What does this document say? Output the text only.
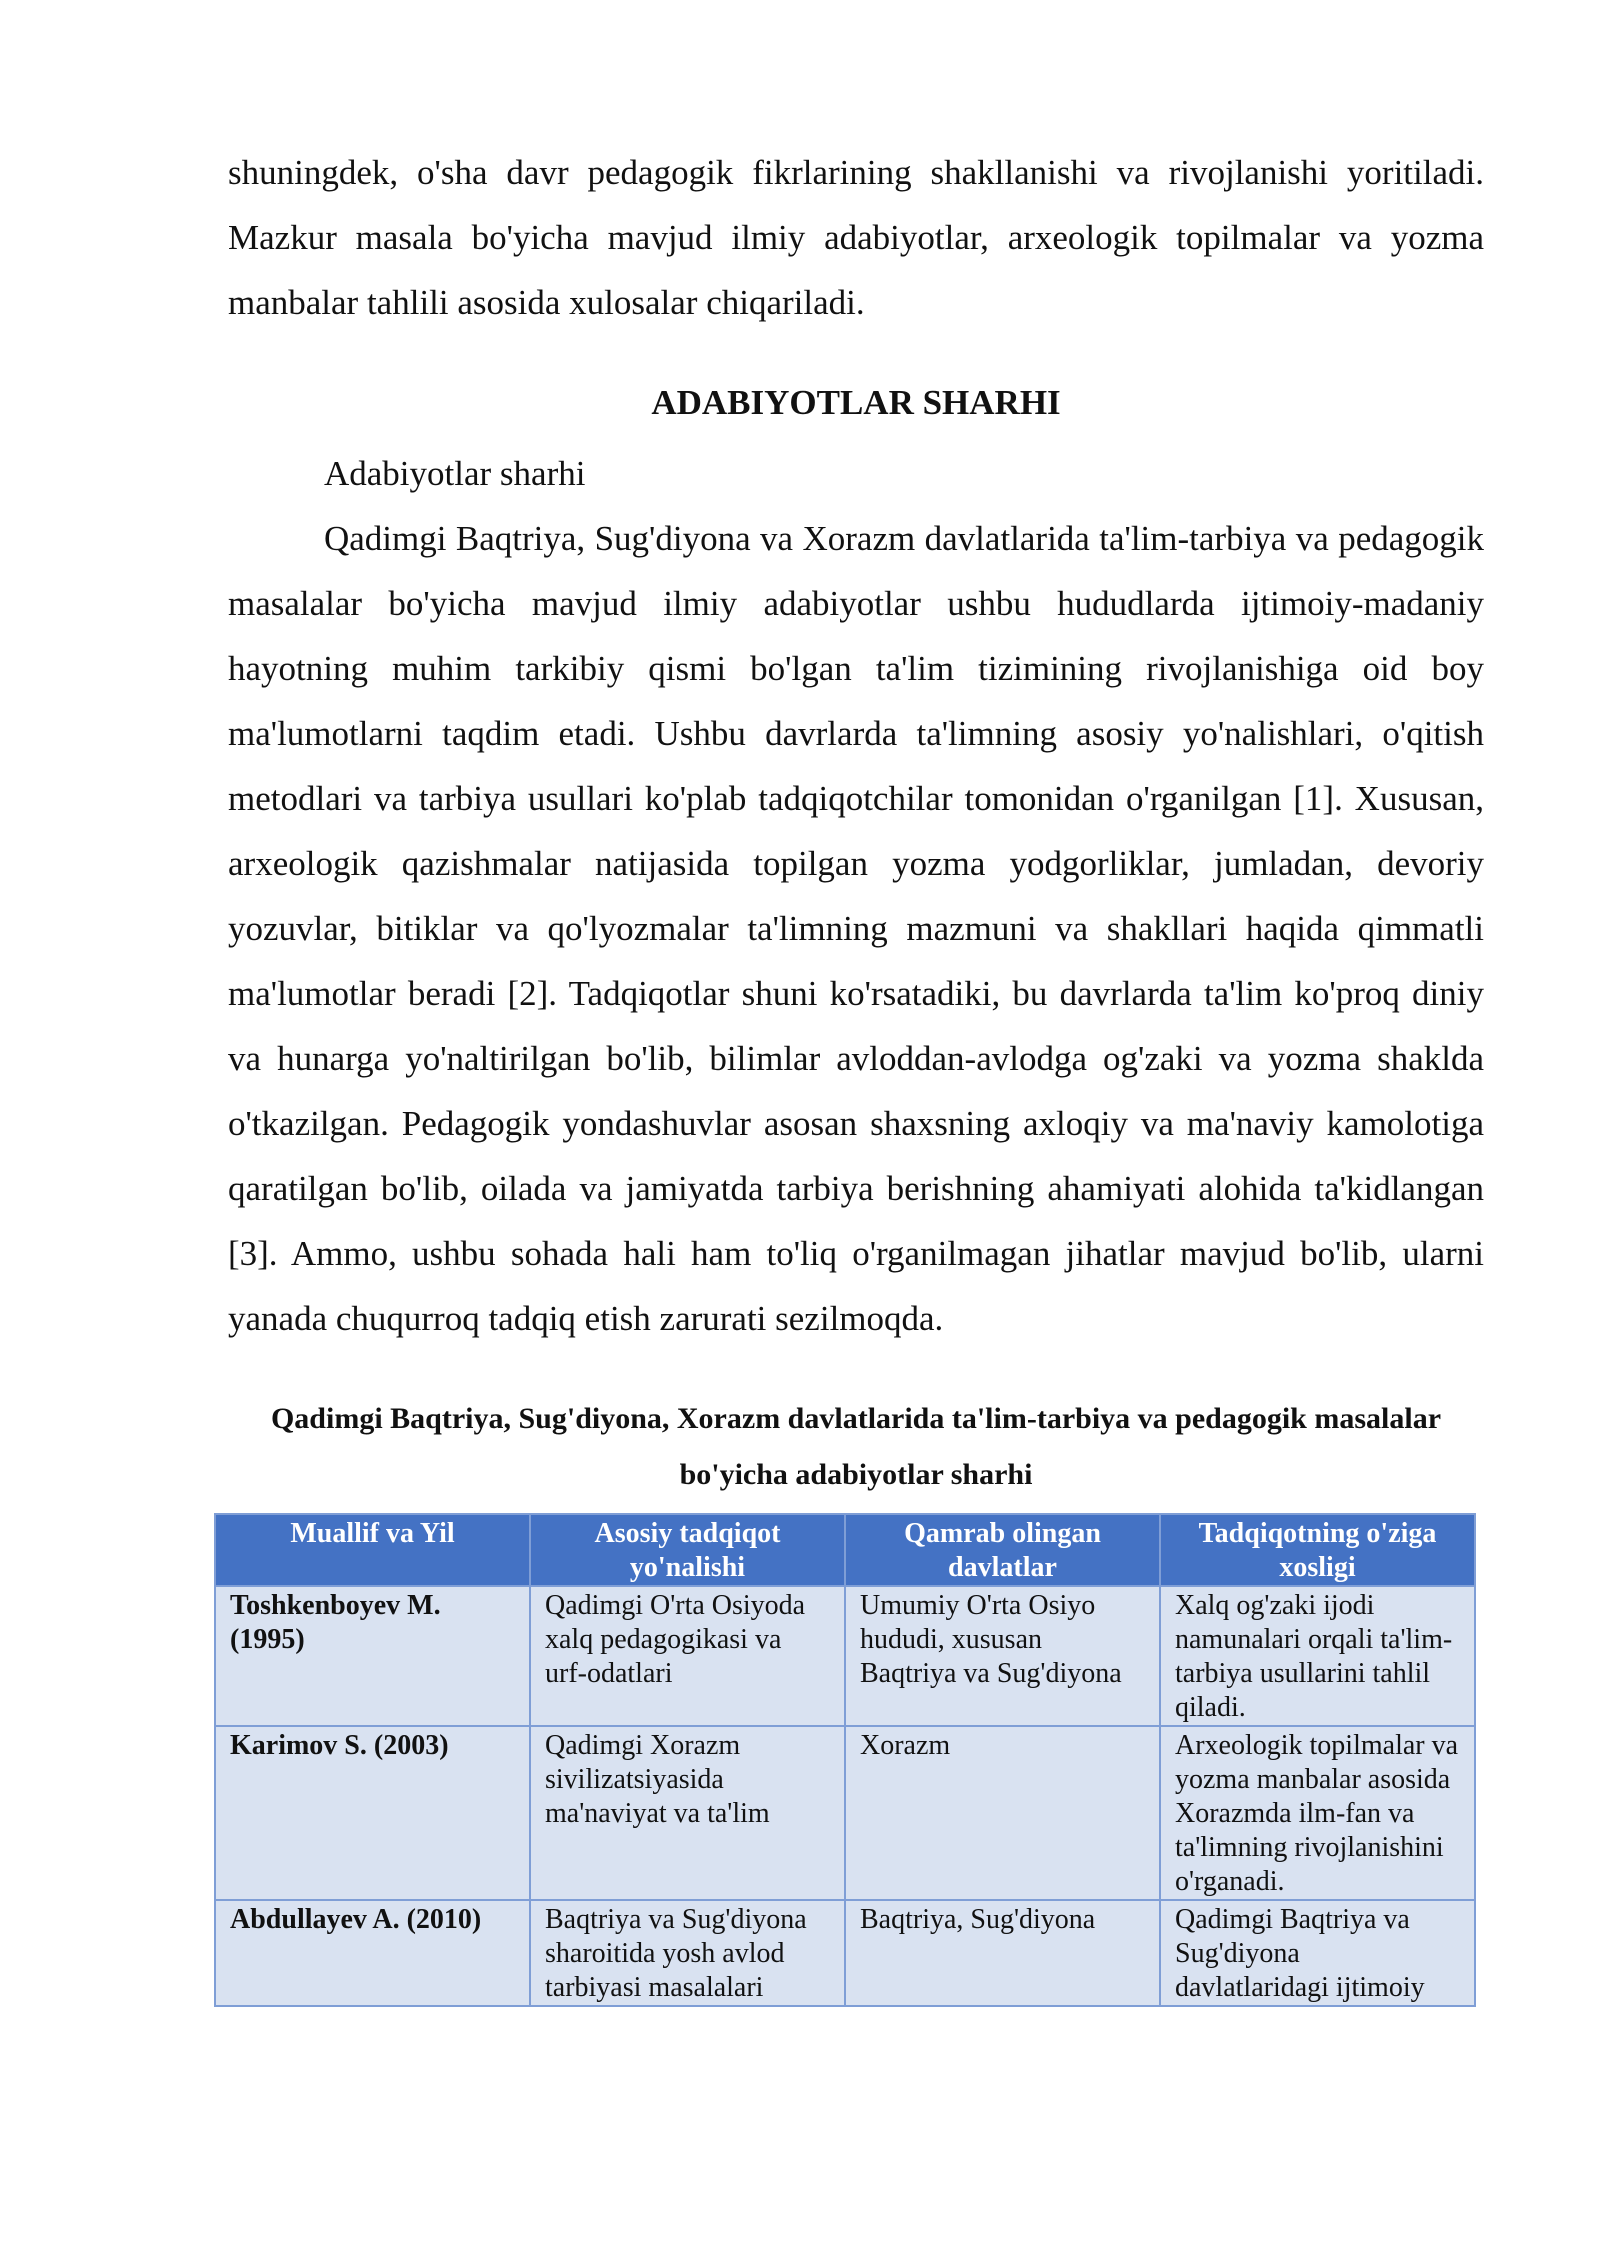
shuningdek, o'sha davr pedagogik fikrlarining shakllanishi va rivojlanishi yoritiladi. Mazkur masala bo'yicha mavjud ilmiy adabiyotlar, arxeologik topilmalar va yozma manbalar tahlili asosida xulosalar chiqariladi.

ADABIYOTLAR SHARHI

Adabiyotlar sharhi

Qadimgi Baqtriya, Sug'diyona va Xorazm davlatlarida ta'lim-tarbiya va pedagogik masalalar bo'yicha mavjud ilmiy adabiyotlar ushbu hududlarda ijtimoiy-madaniy hayotning muhim tarkibiy qismi bo'lgan ta'lim tizimining rivojlanishiga oid boy ma'lumotlarni taqdim etadi. Ushbu davrlarda ta'limning asosiy yo'nalishlari, o'qitish metodlari va tarbiya usullari ko'plab tadqiqotchilar tomonidan o'rganilgan [1]. Xususan, arxeologik qazishmalar natijasida topilgan yozma yodgorliklar, jumladan, devoriy yozuvlar, bitiklar va qo'lyozmalar ta'limning mazmuni va shakllari haqida qimmatli ma'lumotlar beradi [2]. Tadqiqotlar shuni ko'rsatadiki, bu davrlarda ta'lim ko'proq diniy va hunarga yo'naltirilgan bo'lib, bilimlar avloddan-avlodga og'zaki va yozma shaklda o'tkazilgan. Pedagogik yondashuvlar asosan shaxsning axloqiy va ma'naviy kamolotiga qaratilgan bo'lib, oilada va jamiyatda tarbiya berishning ahamiyati alohida ta'kidlangan [3]. Ammo, ushbu sohada hali ham to'liq o'rganilmagan jihatlar mavjud bo'lib, ularni yanada chuqurroq tadqiq etish zarurati sezilmoqda.

Qadimgi Baqtriya, Sug'diyona, Xorazm davlatlarida ta'lim-tarbiya va pedagogik masalalar bo'yicha adabiyotlar sharhi
Muallif va Yil	Asosiy tadqiqot yo'nalishi	Qamrab olingan davlatlar	Tadqiqotning o'ziga xosligi
Toshkenboyev M. (1995)	Qadimgi O'rta Osiyoda xalq pedagogikasi va urf-odatlari	Umumiy O'rta Osiyo hududi, xususan Baqtriya va Sug'diyona	Xalq og'zaki ijodi namunalari orqali ta'lim-tarbiya usullarini tahlil qiladi.
Karimov S. (2003)	Qadimgi Xorazm sivilizatsiyasida ma'naviyat va ta'lim	Xorazm	Arxeologik topilmalar va yozma manbalar asosida Xorazmda ilm-fan va ta'limning rivojlanishini o'rganadi.
Abdullayev A. (2010)	Baqtriya va Sug'diyona sharoitida yosh avlod tarbiyasi masalalari	Baqtriya, Sug'diyona	Qadimgi Baqtriya va Sug'diyona davlatlaridagi ijtimoiy
